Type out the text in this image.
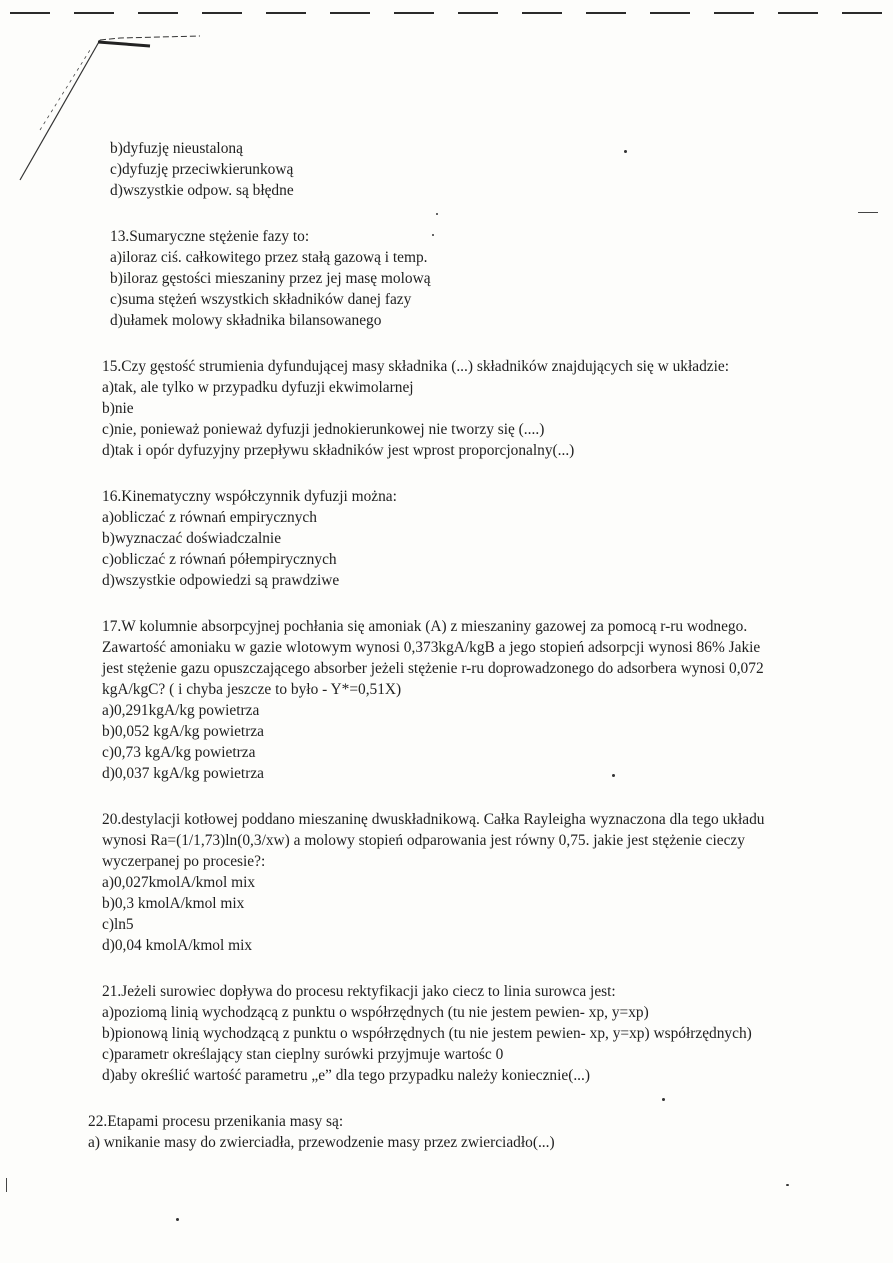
b)dyfuzję nieustaloną
c)dyfuzję przeciwkierunkową
d)wszystkie odpow. są błędne
13.Sumaryczne stężenie fazy to:
a)iloraz ciś. całkowitego przez stałą gazową i temp.
b)iloraz gęstości mieszaniny przez jej masę molową
c)suma stężeń wszystkich składników danej fazy
d)ułamek molowy składnika bilansowanego
15.Czy gęstość strumienia dyfundującej masy składnika (...) składników znajdujących się w układzie:
a)tak, ale tylko w przypadku dyfuzji ekwimolarnej
b)nie
c)nie, ponieważ ponieważ dyfuzji jednokierunkowej nie tworzy się (....)
d)tak i opór dyfuzyjny przepływu składników jest wprost proporcjonalny(...)
16.Kinematyczny współczynnik dyfuzji można:
a)obliczać z równań empirycznych
b)wyznaczać doświadczalnie
c)obliczać z równań półempirycznych
d)wszystkie odpowiedzi są prawdziwe
17.W kolumnie absorpcyjnej pochłania się amoniak (A) z mieszaniny gazowej za pomocą r-ru wodnego. Zawartość amoniaku w gazie wlotowym wynosi 0,373kgA/kgB a jego stopień adsorpcji wynosi 86% Jakie jest stężenie gazu opuszczającego absorber jeżeli stężenie r-ru doprowadzonego do adsorbera wynosi 0,072 kgA/kgC? ( i chyba jeszcze to było - Y*=0,51X)
a)0,291kgA/kg powietrza
b)0,052 kgA/kg powietrza
c)0,73 kgA/kg powietrza
d)0,037 kgA/kg powietrza
20.destylacji kotłowej poddano mieszaninę dwuskładnikową. Całka Rayleigha wyznaczona dla tego układu wynosi Ra=(1/1,73)ln(0,3/xw) a molowy stopień odparowania jest równy 0,75. jakie jest stężenie cieczy wyczerpanej po procesie?:
a)0,027kmolA/kmol mix
b)0,3 kmolA/kmol mix
c)ln5
d)0,04 kmolA/kmol mix
21.Jeżeli surowiec dopływa do procesu rektyfikacji jako ciecz to linia surowca jest:
a)poziomą linią wychodzącą z punktu o współrzędnych (tu nie jestem pewien- xp, y=xp)
b)pionową linią wychodzącą z punktu o współrzędnych (tu nie jestem pewien- xp, y=xp) współrzędnych)
c)parametr określający stan cieplny surówki przyjmuje wartośc 0
d)aby określić wartość parametru „e” dla tego przypadku należy koniecznie(...)
22.Etapami procesu przenikania masy są:
a) wnikanie masy do zwierciadła, przewodzenie masy przez zwierciadło(...)
